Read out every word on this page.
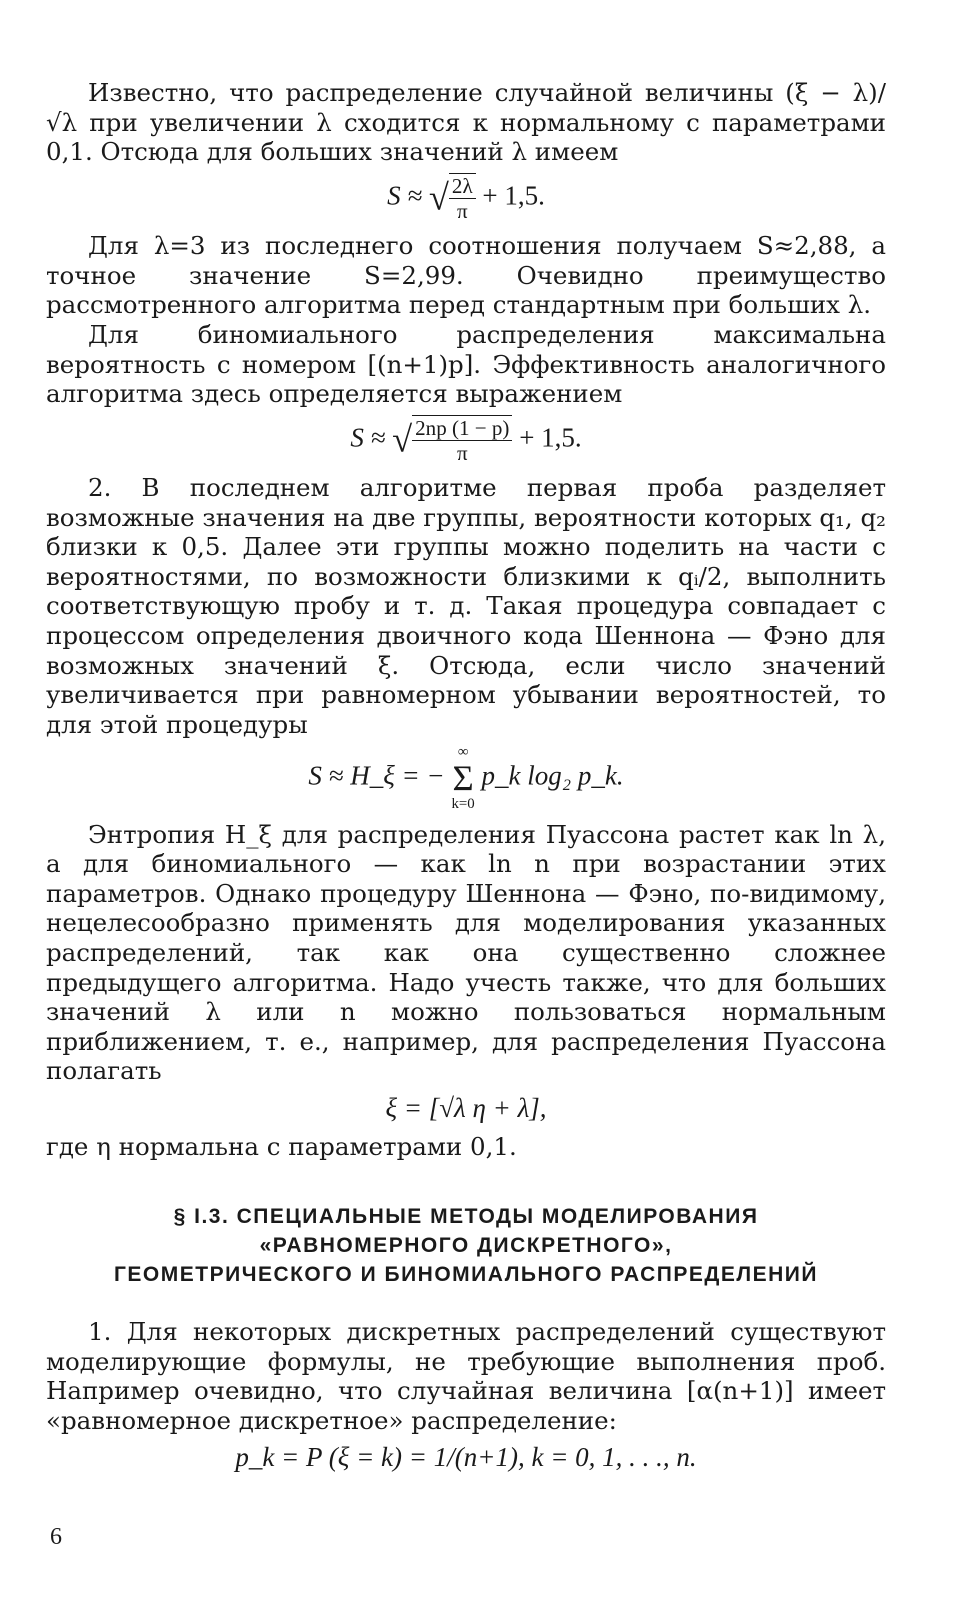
Известно, что распределение случайной величины (ξ − λ)/√λ при увеличении λ сходится к нормальному с параметрами 0,1. Отсюда для больших значений λ имеем

S ≈ √ $\frac{2\lambda}{\pi} + 1,5$.

Для λ=3 из последнего соотношения получаем S≈2,88, а точное значение S=2,99. Очевидно преимущество рассмотренного алгоритма перед стандартным при больших λ.

Для биномиального распределения максимальна вероятность с номером [(n+1)p]. Эффективность аналогичного алгоритма здесь определяется выражением

S ≈ √ $\frac{2np (1 - p)}{\pi} + 1,5$.

2. В последнем алгоритме первая проба разделяет возможные значения на две группы, вероятности которых q₁, q₂ близки к 0,5. Далее эти группы можно поделить на части с вероятностями, по возможности близкими к qᵢ/2, выполнить соответствующую пробу и т. д. Такая процедура совпадает с процессом определения двоичного кода Шеннона — Фэно для возможных значений ξ. Отсюда, если число значений увеличивается при равномерном убывании вероятностей, то для этой процедуры

S ≈ H_ξ = −
∞
Σ
k=0
p_k log₂ p_k.

Энтропия H_ξ для распределения Пуассона растет как ln λ, а для биномиального — как ln n при возрастании этих параметров. Однако процедуру Шеннона — Фэно, по-видимому, нецелесообразно применять для моделирования указанных распределений, так как она существенно сложнее предыдущего алгоритма. Надо учесть также, что для больших значений λ или n можно пользоваться нормальным приближением, т. е., например, для распределения Пуассона полагать

ξ = [√λ η + λ],

где η нормальна с параметрами 0,1.

§ I.3. СПЕЦИАЛЬНЫЕ МЕТОДЫ МОДЕЛИРОВАНИЯ
«РАВНОМЕРНОГО ДИСКРЕТНОГО»,
ГЕОМЕТРИЧЕСКОГО И БИНОМИАЛЬНОГО РАСПРЕДЕЛЕНИЙ

1. Для некоторых дискретных распределений существуют моделирующие формулы, не требующие выполнения проб. Например очевидно, что случайная величина [α(n+1)] имеет «равномерное дискретное» распределение:

p_k = P (ξ = k) = 1/(n+1), k = 0, 1, . . ., n.
6
